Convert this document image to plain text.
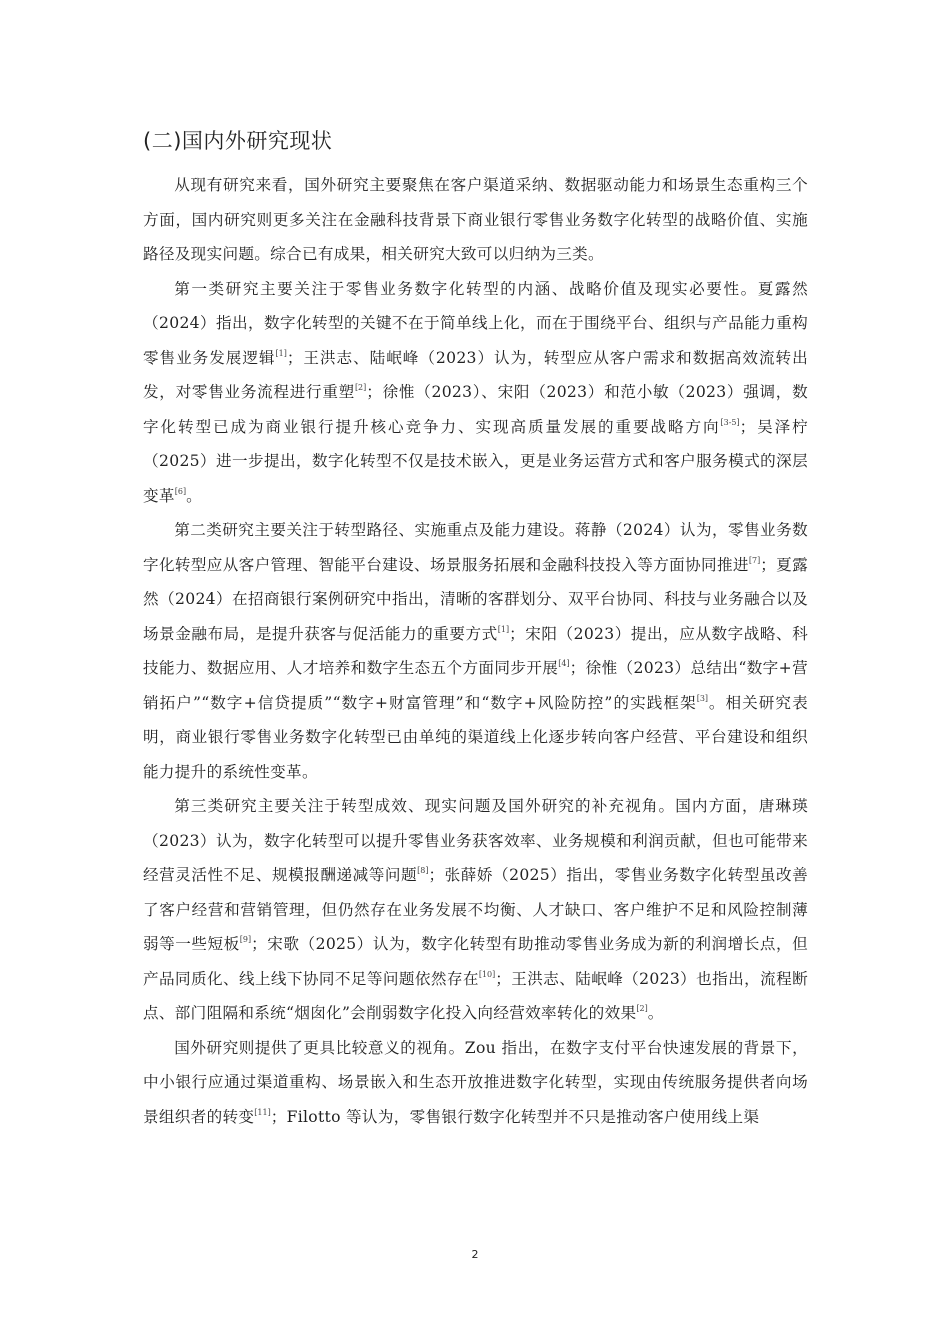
(二)国内外研究现状

从现有研究来看，国外研究主要聚焦在客户渠道采纳、数据驱动能力和场景生态重构三个方面，国内研究则更多关注在金融科技背景下商业银行零售业务数字化转型的战略价值、实施路径及现实问题。综合已有成果，相关研究大致可以归纳为三类。

第一类研究主要关注于零售业务数字化转型的内涵、战略价值及现实必要性。夏露然（2024）指出，数字化转型的关键不在于简单线上化，而在于围绕平台、组织与产品能力重构零售业务发展逻辑[1]；王洪志、陆岷峰（2023）认为，转型应从客户需求和数据高效流转出发，对零售业务流程进行重塑[2]；徐惟（2023）、宋阳（2023）和范小敏（2023）强调，数字化转型已成为商业银行提升核心竞争力、实现高质量发展的重要战略方向[3-5]；吴泽柠（2025）进一步提出，数字化转型不仅是技术嵌入，更是业务运营方式和客户服务模式的深层变革[6]。

第二类研究主要关注于转型路径、实施重点及能力建设。蒋静（2024）认为，零售业务数字化转型应从客户管理、智能平台建设、场景服务拓展和金融科技投入等方面协同推进[7]；夏露然（2024）在招商银行案例研究中指出，清晰的客群划分、双平台协同、科技与业务融合以及场景金融布局，是提升获客与促活能力的重要方式[1]；宋阳（2023）提出，应从数字战略、科技能力、数据应用、人才培养和数字生态五个方面同步开展[4]；徐惟（2023）总结出“数字+营销拓户”“数字+信贷提质”“数字+财富管理”和“数字+风险防控”的实践框架[3]。相关研究表明，商业银行零售业务数字化转型已由单纯的渠道线上化逐步转向客户经营、平台建设和组织能力提升的系统性变革。

第三类研究主要关注于转型成效、现实问题及国外研究的补充视角。国内方面，唐琳瑛（2023）认为，数字化转型可以提升零售业务获客效率、业务规模和利润贡献，但也可能带来经营灵活性不足、规模报酬递减等问题[8]；张薛娇（2025）指出，零售业务数字化转型虽改善了客户经营和营销管理，但仍然存在业务发展不均衡、人才缺口、客户维护不足和风险控制薄弱等一些短板[9]；宋歌（2025）认为，数字化转型有助推动零售业务成为新的利润增长点，但产品同质化、线上线下协同不足等问题依然存在[10]；王洪志、陆岷峰（2023）也指出，流程断点、部门阻隔和系统“烟囱化”会削弱数字化投入向经营效率转化的效果[2]。

国外研究则提供了更具比较意义的视角。Zou 指出，在数字支付平台快速发展的背景下，中小银行应通过渠道重构、场景嵌入和生态开放推进数字化转型，实现由传统服务提供者向场景组织者的转变[11]；Filotto 等认为，零售银行数字化转型并不只是推动客户使用线上渠

2
